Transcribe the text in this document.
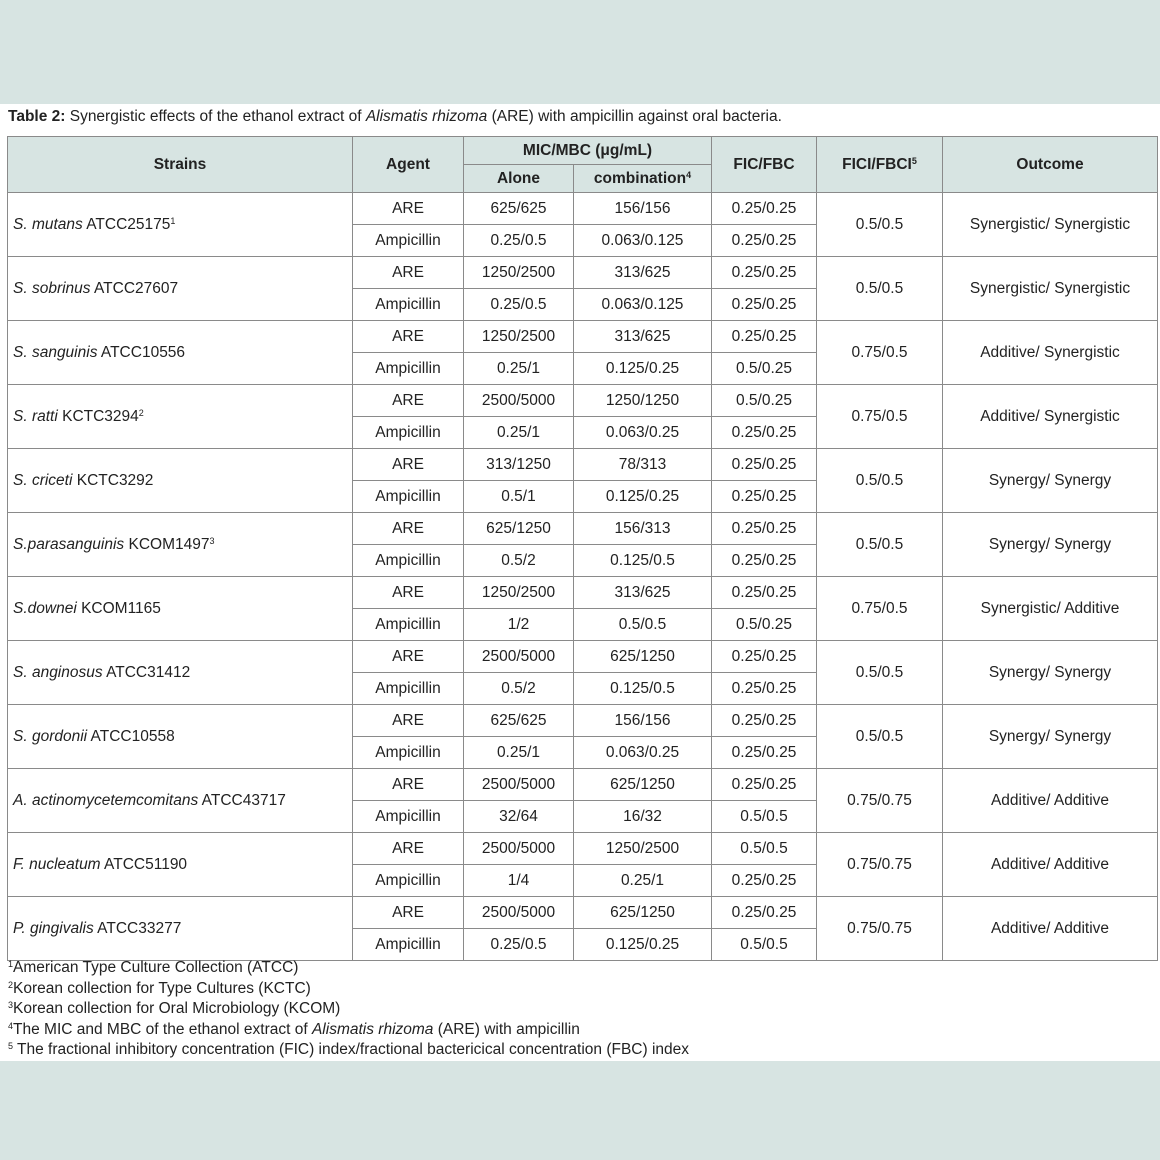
Table 2: Synergistic effects of the ethanol extract of Alismatis rhizoma (ARE) with ampicillin against oral bacteria.
Strains	Agent	MIC/MBC (μg/mL)		FIC/FBC	FICI/FBCI$^5$	Outcome
		Alone	combination$^4$
S. mutans ATCC25175$^1$	ARE	625/625	156/156	0.25/0.25	0.5/0.5	Synergistic/ Synergistic
	Ampicillin	0.25/0.5	0.063/0.125	0.25/0.25		
S. sobrinus ATCC27607	ARE	1250/2500	313/625	0.25/0.25	0.5/0.5	Synergistic/ Synergistic
	Ampicillin	0.25/0.5	0.063/0.125	0.25/0.25		
S. sanguinis ATCC10556	ARE	1250/2500	313/625	0.25/0.25	0.75/0.5	Additive/ Synergistic
	Ampicillin	0.25/1	0.125/0.25	0.5/0.25		
S. ratti KCTC3294$^2$	ARE	2500/5000	1250/1250	0.5/0.25	0.75/0.5	Additive/ Synergistic
	Ampicillin	0.25/1	0.063/0.25	0.25/0.25		
S. criceti KCTC3292	ARE	313/1250	78/313	0.25/0.25	0.5/0.5	Synergy/ Synergy
	Ampicillin	0.5/1	0.125/0.25	0.25/0.25		
S.parasanguinis KCOM1497$^3$	ARE	625/1250	156/313	0.25/0.25	0.5/0.5	Synergy/ Synergy
	Ampicillin	0.5/2	0.125/0.5	0.25/0.25		
S.downei KCOM1165	ARE	1250/2500	313/625	0.25/0.25	0.75/0.5	Synergistic/ Additive
	Ampicillin	1/2	0.5/0.5	0.5/0.25		
S. anginosus ATCC31412	ARE	2500/5000	625/1250	0.25/0.25	0.5/0.5	Synergy/ Synergy
	Ampicillin	0.5/2	0.125/0.5	0.25/0.25		
S. gordonii ATCC10558	ARE	625/625	156/156	0.25/0.25	0.5/0.5	Synergy/ Synergy
	Ampicillin	0.25/1	0.063/0.25	0.25/0.25		
A. actinomycetemcomitans ATCC43717	ARE	2500/5000	625/1250	0.25/0.25	0.75/0.75	Additive/ Additive
	Ampicillin	32/64	16/32	0.5/0.5		
F. nucleatum ATCC51190	ARE	2500/5000	1250/2500	0.5/0.5	0.75/0.75	Additive/ Additive
	Ampicillin	1/4	0.25/1	0.25/0.25		
P. gingivalis ATCC33277	ARE	2500/5000	625/1250	0.25/0.25	0.75/0.75	Additive/ Additive
	Ampicillin	0.25/0.5	0.125/0.25	0.5/0.5		
$^1$American Type Culture Collection (ATCC)
$^2$Korean collection for Type Cultures (KCTC)
$^3$Korean collection for Oral Microbiology (KCOM)
$^4$The MIC and MBC of the ethanol extract of Alismatis rhizoma (ARE) with ampicillin
$^5$ The fractional inhibitory concentration (FIC) index/fractional bactericical concentration (FBC) index
